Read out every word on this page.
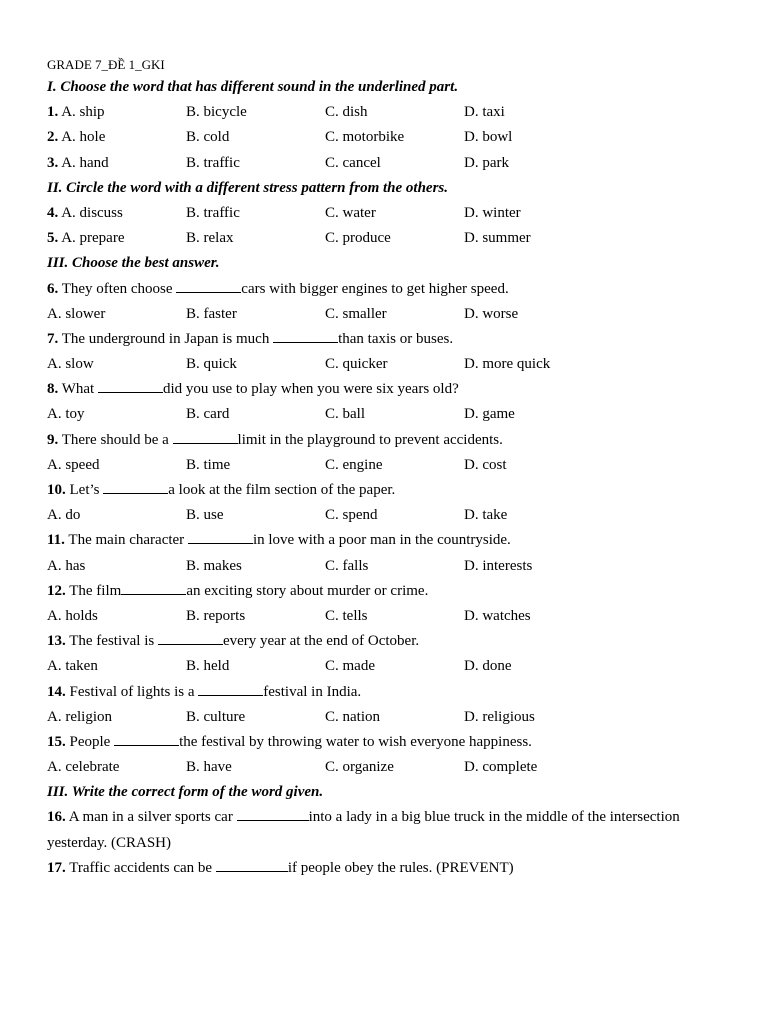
GRADE 7_ĐỀ 1_GKI
I. Choose the word that has different sound in the underlined part.
1. A. ship	B. bicycle	C. dish	D. taxi
2. A. hole	B. cold	C. motorbike	D. bowl
3. A. hand	B. traffic	C. cancel	D. park
II. Circle the word with a different stress pattern from the others.
4. A. discuss	B. traffic	C. water	D. winter
5. A. prepare	B. relax	C. produce	D. summer
III. Choose the best answer.
6. They often choose	cars with bigger engines to get higher speed.
A. slower	B. faster	C. smaller	D. worse
7. The underground in Japan is much	than taxis or buses.
A. slow	B. quick	C. quicker	D. more quick
8. What	did you use to play when you were six years old?
A. toy	B. card	C. ball	D. game
9. There should be a	limit in the playground to prevent accidents.
A. speed	B. time	C. engine	D. cost
10. Let’s	a look at the film section of the paper.
A. do	B. use	C. spend	D. take
11. The main character	in love with a poor man in the countryside.
A. has	B. makes	C. falls	D. interests
12. The film	an exciting story about murder or crime.
A. holds	B. reports	C. tells	D. watches
13. The festival is	every year at the end of October.
A. taken	B. held	C. made	D. done
14. Festival of lights is a	festival in India.
A. religion	B. culture	C. nation	D. religious
15. People	the festival by throwing water to wish everyone happiness.
A. celebrate	B. have	C. organize	D. complete
III. Write the correct form of the word given.
16. A man in a silver sports car	into a lady in a big blue truck in the middle of the intersection
yesterday. (CRASH)
17. Traffic accidents can be	if people obey the rules. (PREVENT)
